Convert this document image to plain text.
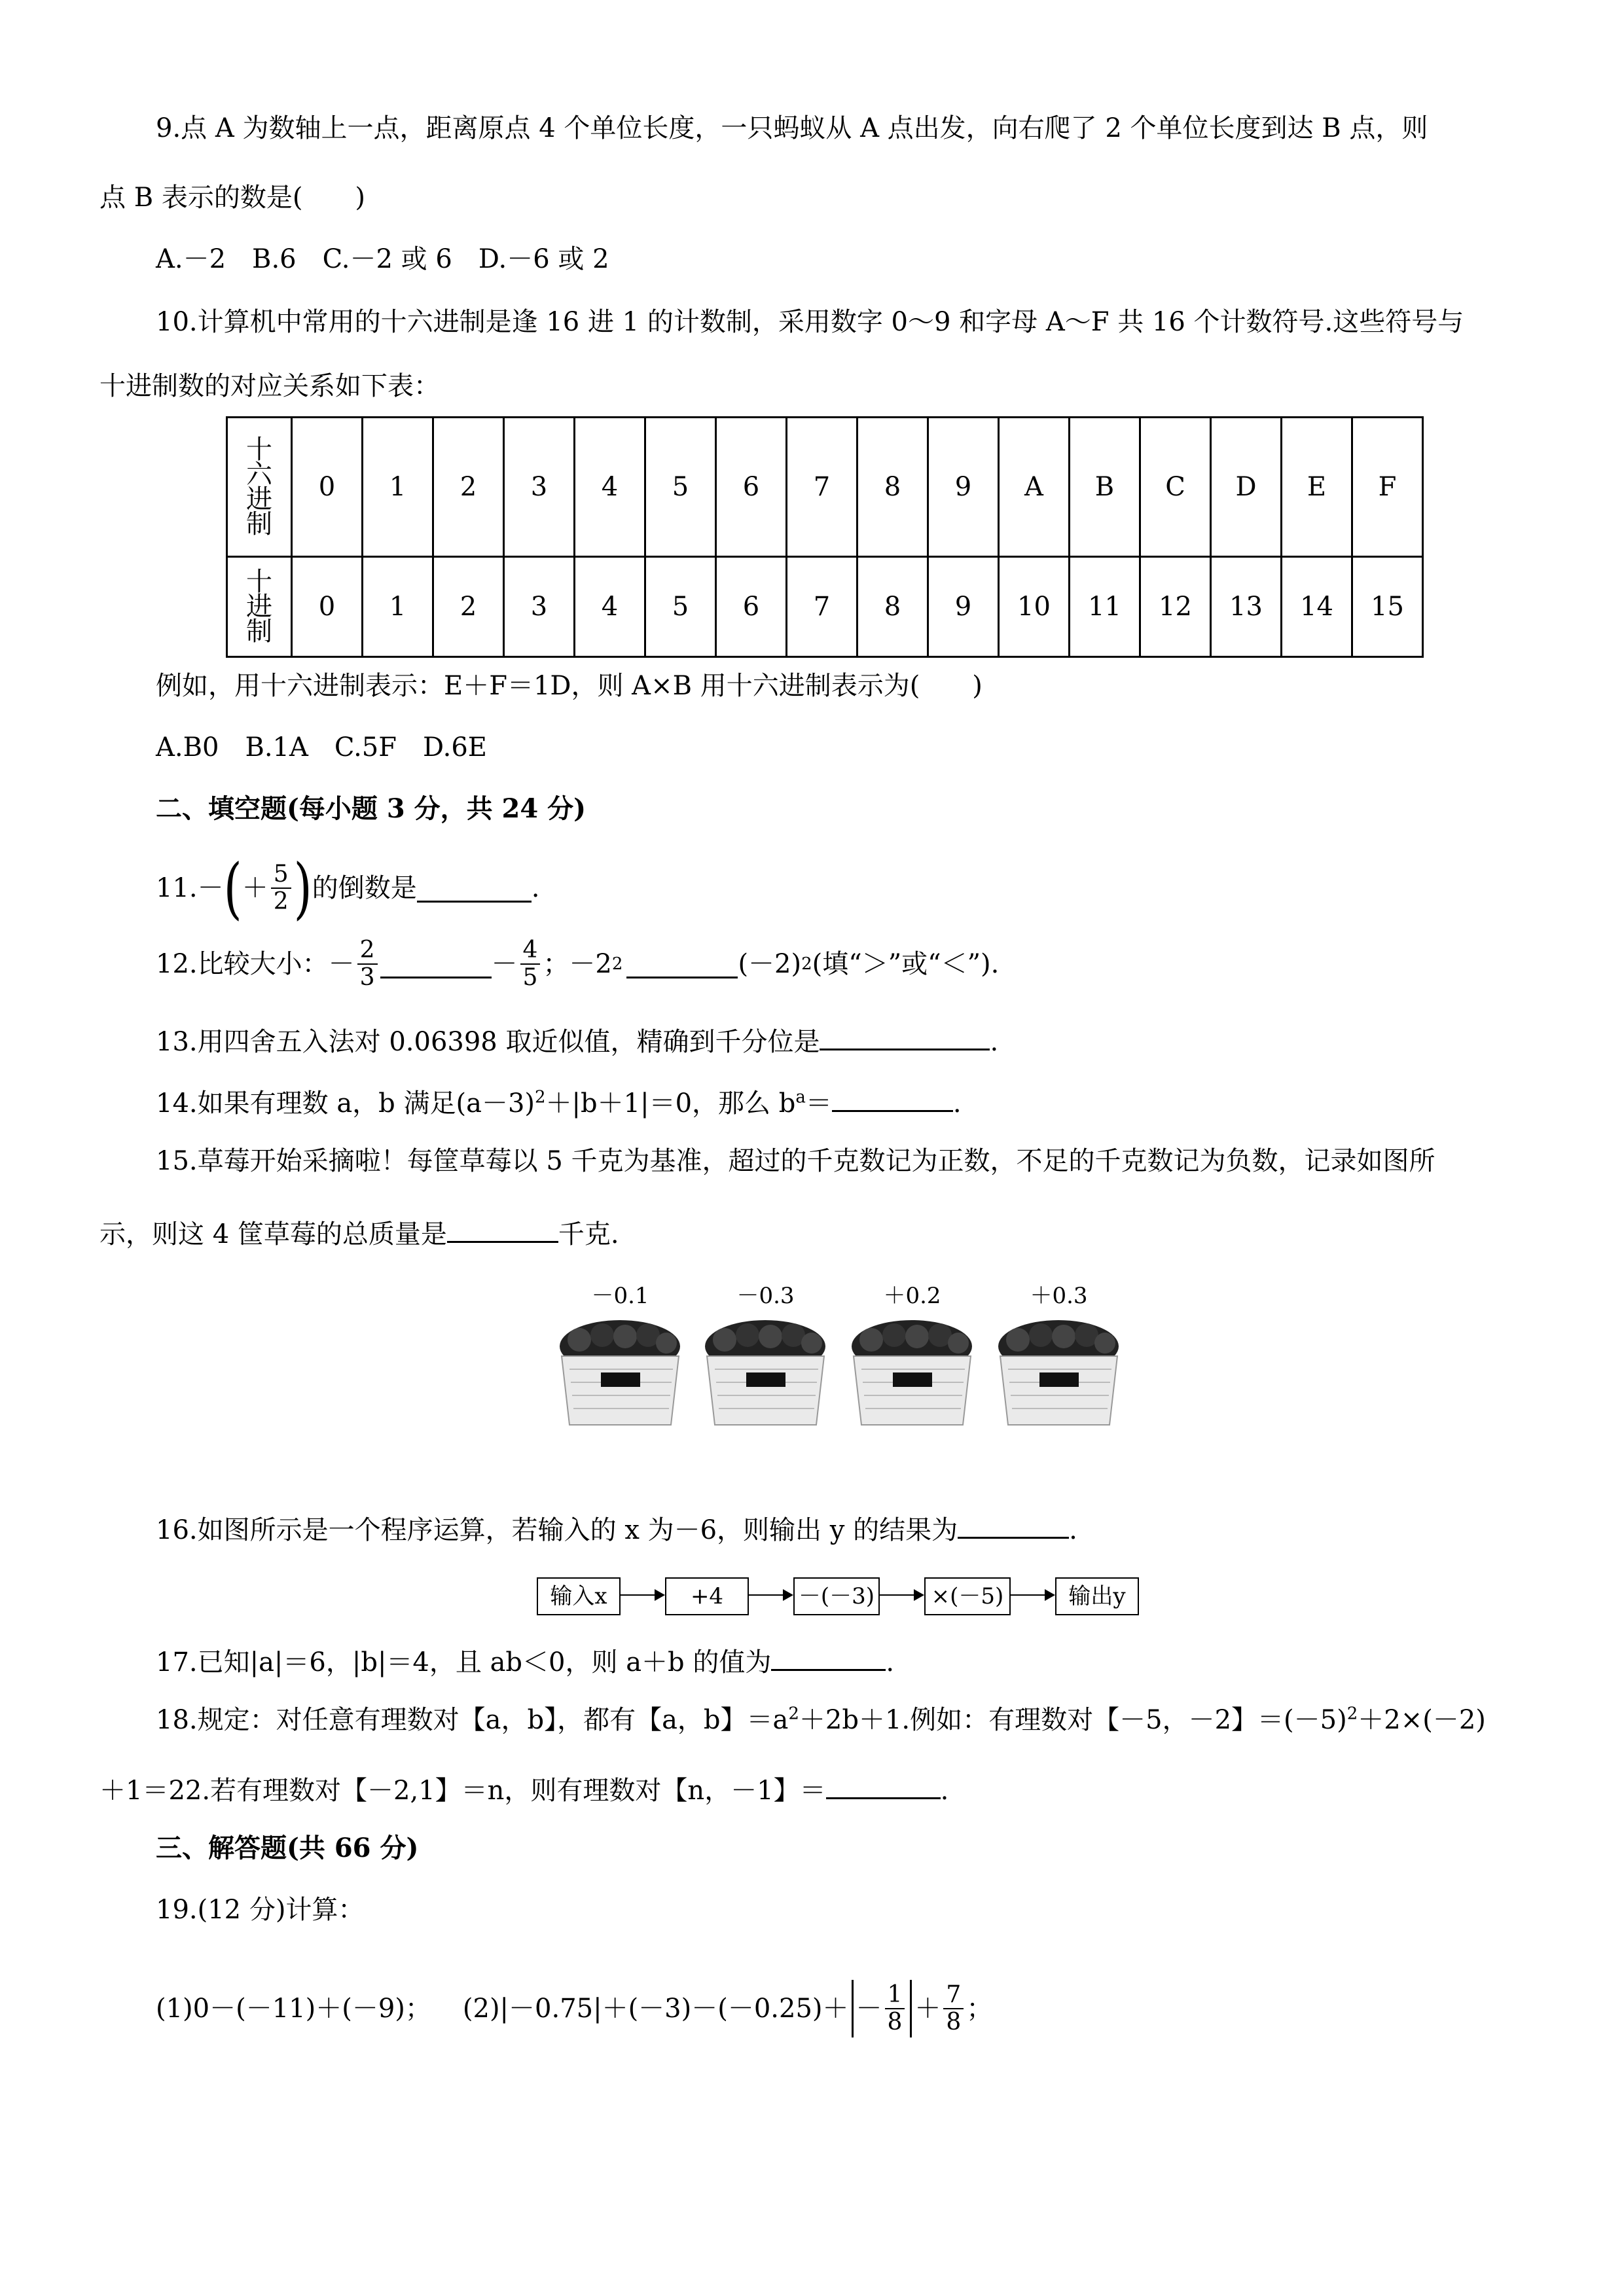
9.点 A 为数轴上一点，距离原点 4 个单位长度，一只蚂蚁从 A 点出发，向右爬了 2 个单位长度到达 B 点，则
点 B 表示的数是(　　)
A.－2　B.6　C.－2 或 6　D.－6 或 2
10.计算机中常用的十六进制是逢 16 进 1 的计数制，采用数字 0～9 和字母 A～F 共 16 个计数符号.这些符号与
十进制数的对应关系如下表：
十
六
进
制	0	1	2	3	4	5	6	7	8	9	A	B	C	D	E	F
十
进
制	0	1	2	3	4	5	6	7	8	9	10	11	12	13	14	15
例如，用十六进制表示：E＋F＝1D，则 A×B 用十六进制表示为(　　)
A.B0　B.1A　C.5F　D.6E
二、填空题(每小题 3 分，共 24 分)
11.－ ( ＋ $\frac{5}{2}$ ) 的倒数是	.
12.比较大小：－ $\frac{2}{3}$	－ $\frac{4}{5}$ ；－2 2	(－2) 2 (填“＞”或“＜”).
13.用四舍五入法对 0.06398 取近似值，精确到千分位是	.
14.如果有理数 a，b 满足$(a-3)^2+|b+1|=0$，那么 $b^a=$	.
15.草莓开始采摘啦！每筐草莓以 5 千克为基准，超过的千克数记为正数，不足的千克数记为负数，记录如图所
示，则这 4 筐草莓的总质量是	千克.
－0.1	－0.3	＋0.2	＋0.3
16.如图所示是一个程序运算，若输入的 x 为－6，则输出 y 的结果为	.
输入x	+4	－(－3)	×(－5)	输出y
17.已知|a|＝6，|b|＝4，且 ab＜0，则 a＋b 的值为	.
18.规定：对任意有理数对【a，b】，都有【a，b】$=a^2+2b+1$.例如：有理数对【－5，－2】$=(-5)^2+2\times(-2)$
＋1＝22.若有理数对【－2,1】＝n，则有理数对【n，－1】＝	.
三、解答题(共 66 分)
19.(12 分)计算：
(1)0－(－11)＋(－9)； $(2)|-0.75|+(-3)-(-0.25)+ - \frac{1}{8} + \frac{7}{8}$ ；
